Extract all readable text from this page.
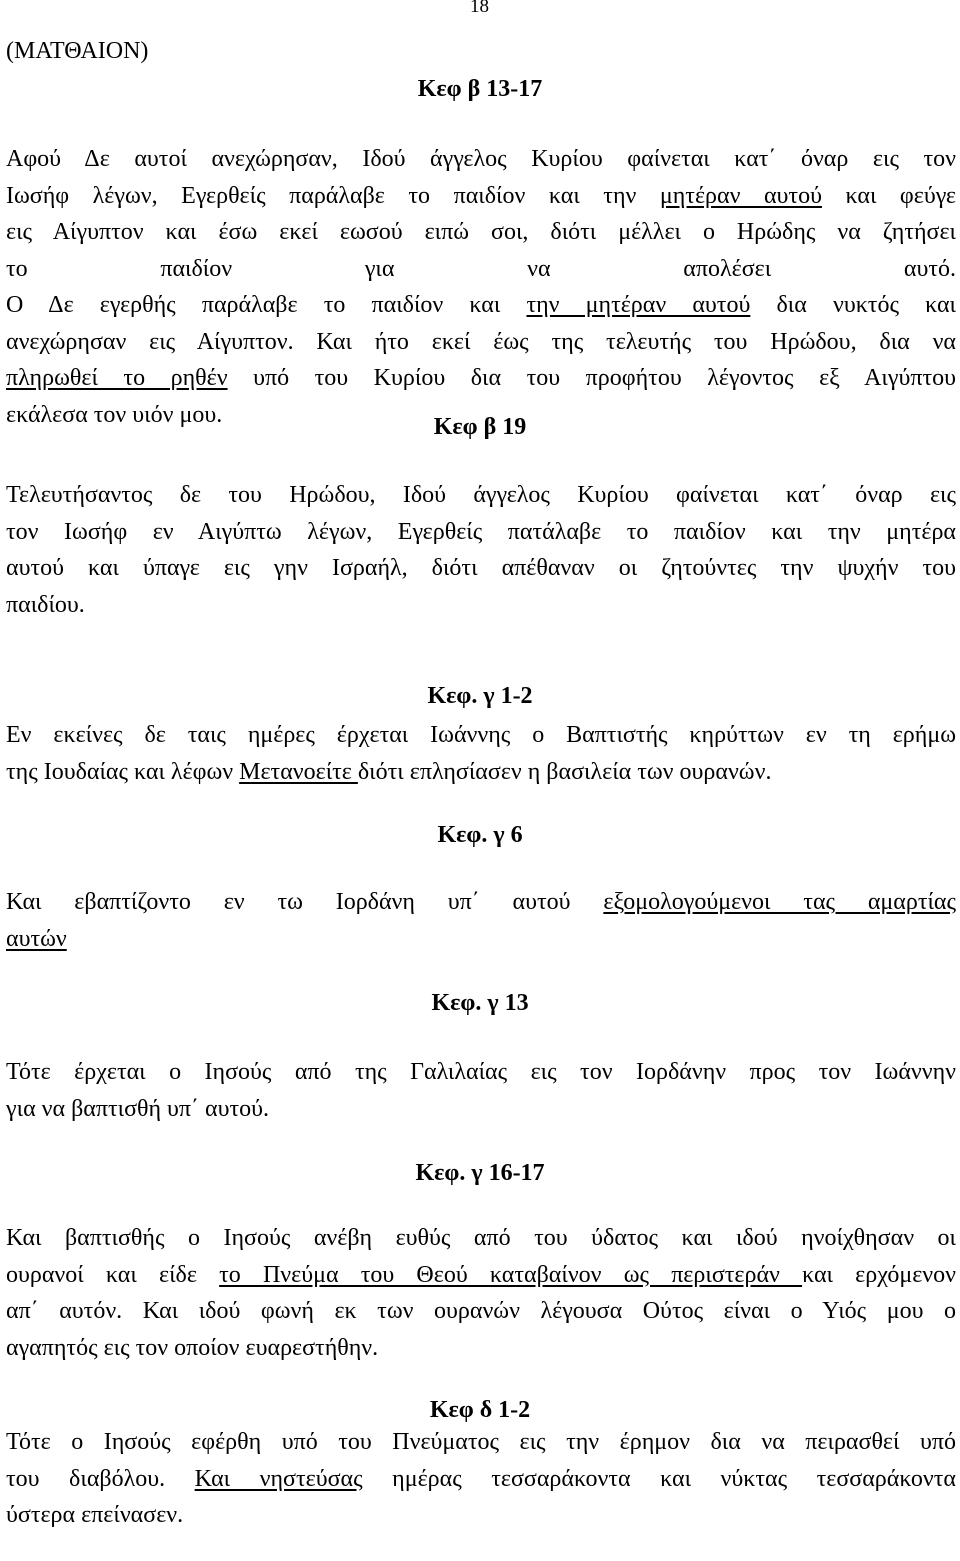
18
(ΜΑΤΘΑΙΟΝ)
Κεφ β 13-17
Αφού Δε αυτοί ανεχώρησαν, Ιδού άγγελος Κυρίου φαίνεται κατ΄ όναρ εις τον
Ιωσήφ λέγων, Εγερθείς παράλαβε το παιδίον και την μητέραν αυτού και φεύγε
εις Αίγυπτον και έσω εκεί εωσού ειπώ σοι, διότι μέλλει ο Ηρώδης να ζητήσει
το παιδίον για να απολέσει αυτό.
Ο Δε εγερθής παράλαβε το παιδίον και την μητέραν αυτού δια νυκτός και
ανεχώρησαν εις Αίγυπτον. Και ήτο εκεί έως της τελευτής του Ηρώδου, δια να
πληρωθεί το ρηθέν υπό του Κυρίου δια του προφήτου λέγοντος εξ Αιγύπτου
εκάλεσα τον υιόν μου.	Κεφ β 19
Τελευτήσαντος δε του Ηρώδου, Ιδού άγγελος Κυρίου φαίνεται κατ΄ όναρ εις
τον Ιωσήφ εν Αιγύπτω λέγων, Εγερθείς πατάλαβε το παιδίον και την μητέρα
αυτού και ύπαγε εις γην Ισραήλ, διότι απέθαναν οι ζητούντες την ψυχήν του
παιδίου.
Κεφ. γ 1-2
Εν εκείνες δε ταις ημέρες έρχεται Ιωάννης ο Βαπτιστής κηρύττων εν τη ερήμω
της Ιουδαίας και λέφων Μετανοείτε διότι επλησίασεν η βασιλεία των ουρανών.
Κεφ. γ 6
Και εβαπτίζοντο εν τω Ιορδάνη υπ΄ αυτού εξομολογούμενοι τας αμαρτίας
αυτών
Κεφ. γ 13
Τότε έρχεται ο Ιησούς από της Γαλιλαίας εις τον Ιορδάνην προς τον Ιωάννην
για να βαπτισθή υπ΄ αυτού.
Κεφ. γ 16-17
Και βαπτισθής ο Ιησούς ανέβη ευθύς από του ύδατος και ιδού ηνοίχθησαν οι
ουρανοί και είδε το Πνεύμα του Θεού καταβαίνον ως περιστεράν και ερχόμενον
απ΄ αυτόν. Και ιδού φωνή εκ των ουρανών λέγουσα Ούτος είναι ο Υιός μου ο
αγαπητός εις τον οποίον ευαρεστήθην.
Κεφ δ 1-2
Τότε ο Ιησούς εφέρθη υπό του Πνεύματος εις την έρημον δια να πειρασθεί υπό
του διαβόλου. Και νηστεύσας ημέρας τεσσαράκοντα και νύκτας τεσσαράκοντα
ύστερα επείνασεν.
